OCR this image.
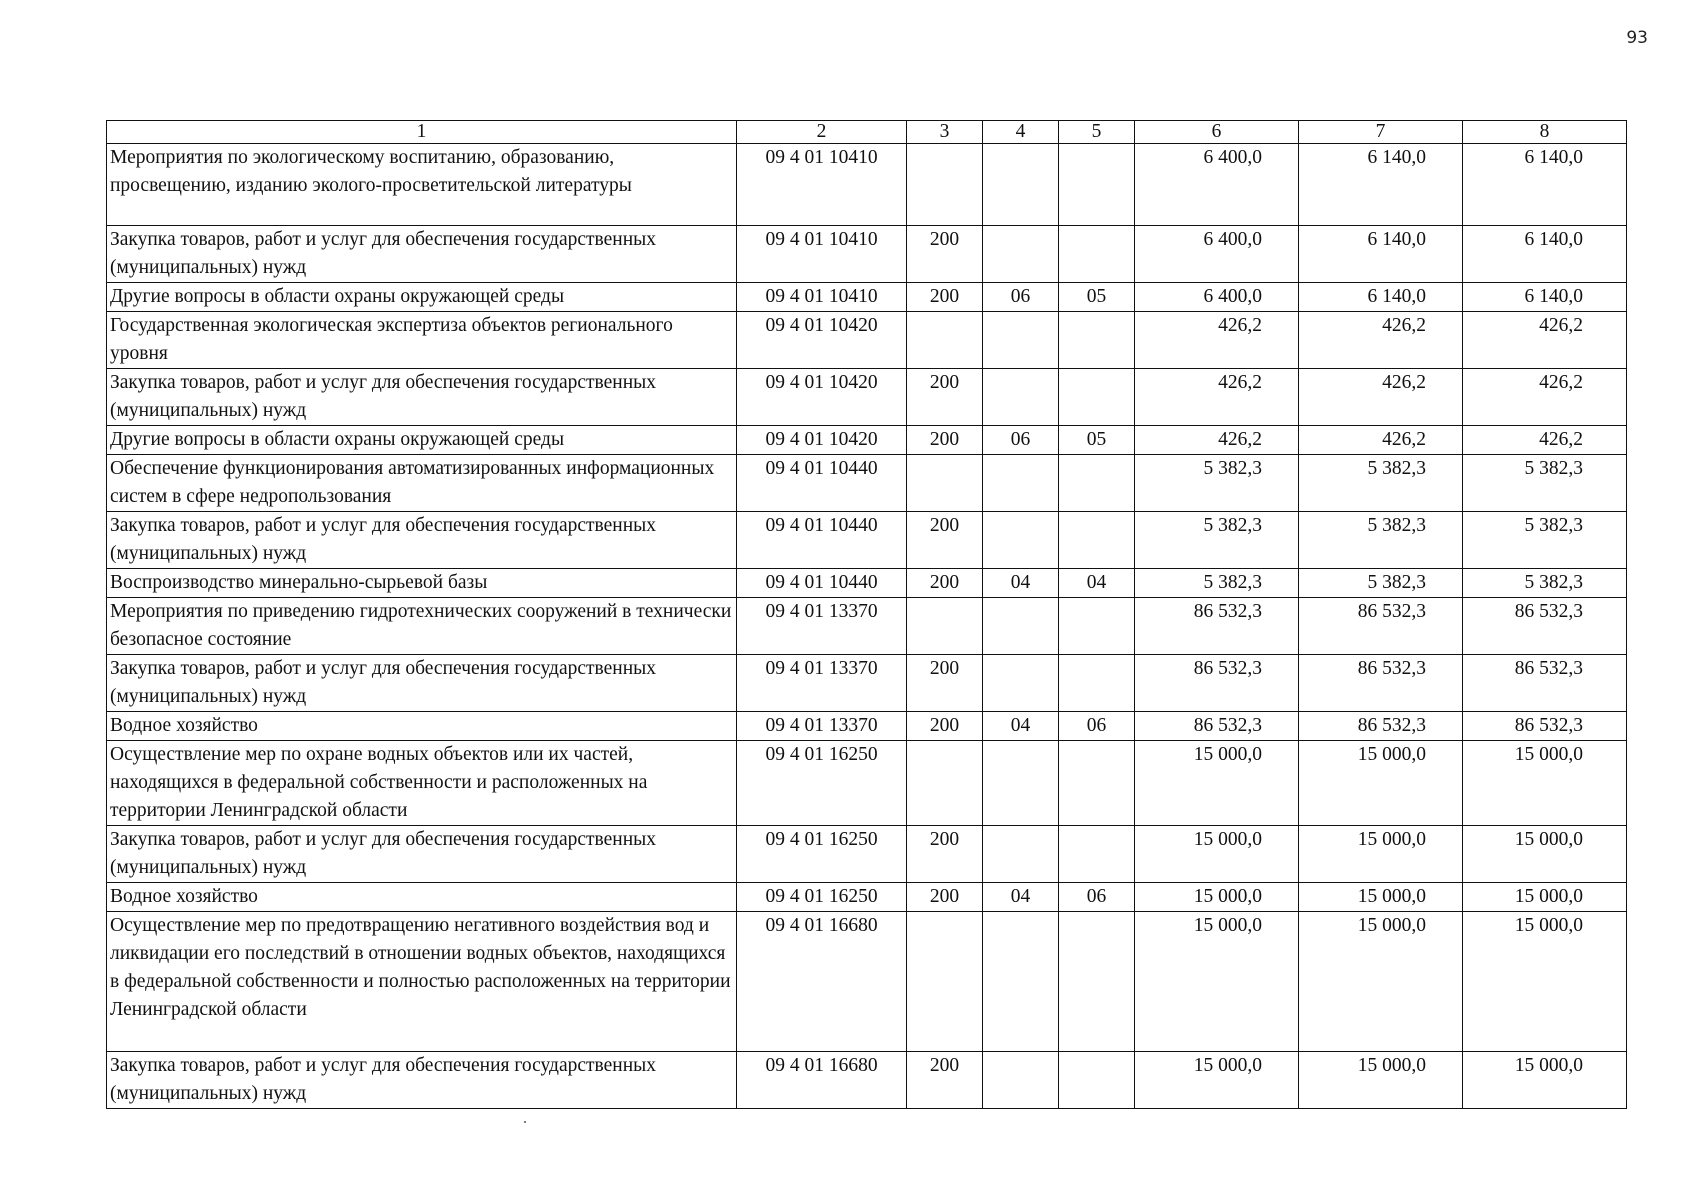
93
1	2	3	4	5	6	7	8
Мероприятия по экологическому воспитанию, образованию, просвещению, изданию эколого-просветительской литературы	09 4 01 10410				6 400,0	6 140,0	6 140,0
Закупка товаров, работ и услуг для обеспечения государственных (муниципальных) нужд	09 4 01 10410	200			6 400,0	6 140,0	6 140,0
Другие вопросы в области охраны окружающей среды	09 4 01 10410	200	06	05	6 400,0	6 140,0	6 140,0
Государственная экологическая экспертиза объектов регионального уровня	09 4 01 10420				426,2	426,2	426,2
Закупка товаров, работ и услуг для обеспечения государственных (муниципальных) нужд	09 4 01 10420	200			426,2	426,2	426,2
Другие вопросы в области охраны окружающей среды	09 4 01 10420	200	06	05	426,2	426,2	426,2
Обеспечение функционирования автоматизированных информационных систем в сфере недропользования	09 4 01 10440				5 382,3	5 382,3	5 382,3
Закупка товаров, работ и услуг для обеспечения государственных (муниципальных) нужд	09 4 01 10440	200			5 382,3	5 382,3	5 382,3
Воспроизводство минерально-сырьевой базы	09 4 01 10440	200	04	04	5 382,3	5 382,3	5 382,3
Мероприятия по приведению гидротехнических сооружений в технически безопасное состояние	09 4 01 13370				86 532,3	86 532,3	86 532,3
Закупка товаров, работ и услуг для обеспечения государственных (муниципальных) нужд	09 4 01 13370	200			86 532,3	86 532,3	86 532,3
Водное хозяйство	09 4 01 13370	200	04	06	86 532,3	86 532,3	86 532,3
Осуществление мер по охране водных объектов или их частей, находящихся в федеральной собственности и расположенных на территории Ленинградской области	09 4 01 16250				15 000,0	15 000,0	15 000,0
Закупка товаров, работ и услуг для обеспечения государственных (муниципальных) нужд	09 4 01 16250	200			15 000,0	15 000,0	15 000,0
Водное хозяйство	09 4 01 16250	200	04	06	15 000,0	15 000,0	15 000,0
Осуществление мер по предотвращению негативного воздействия вод и ликвидации его последствий в отношении водных объектов, находящихся в федеральной собственности и полностью расположенных на территории Ленинградской области	09 4 01 16680				15 000,0	15 000,0	15 000,0
Закупка товаров, работ и услуг для обеспечения государственных (муниципальных) нужд	09 4 01 16680	200			15 000,0	15 000,0	15 000,0
